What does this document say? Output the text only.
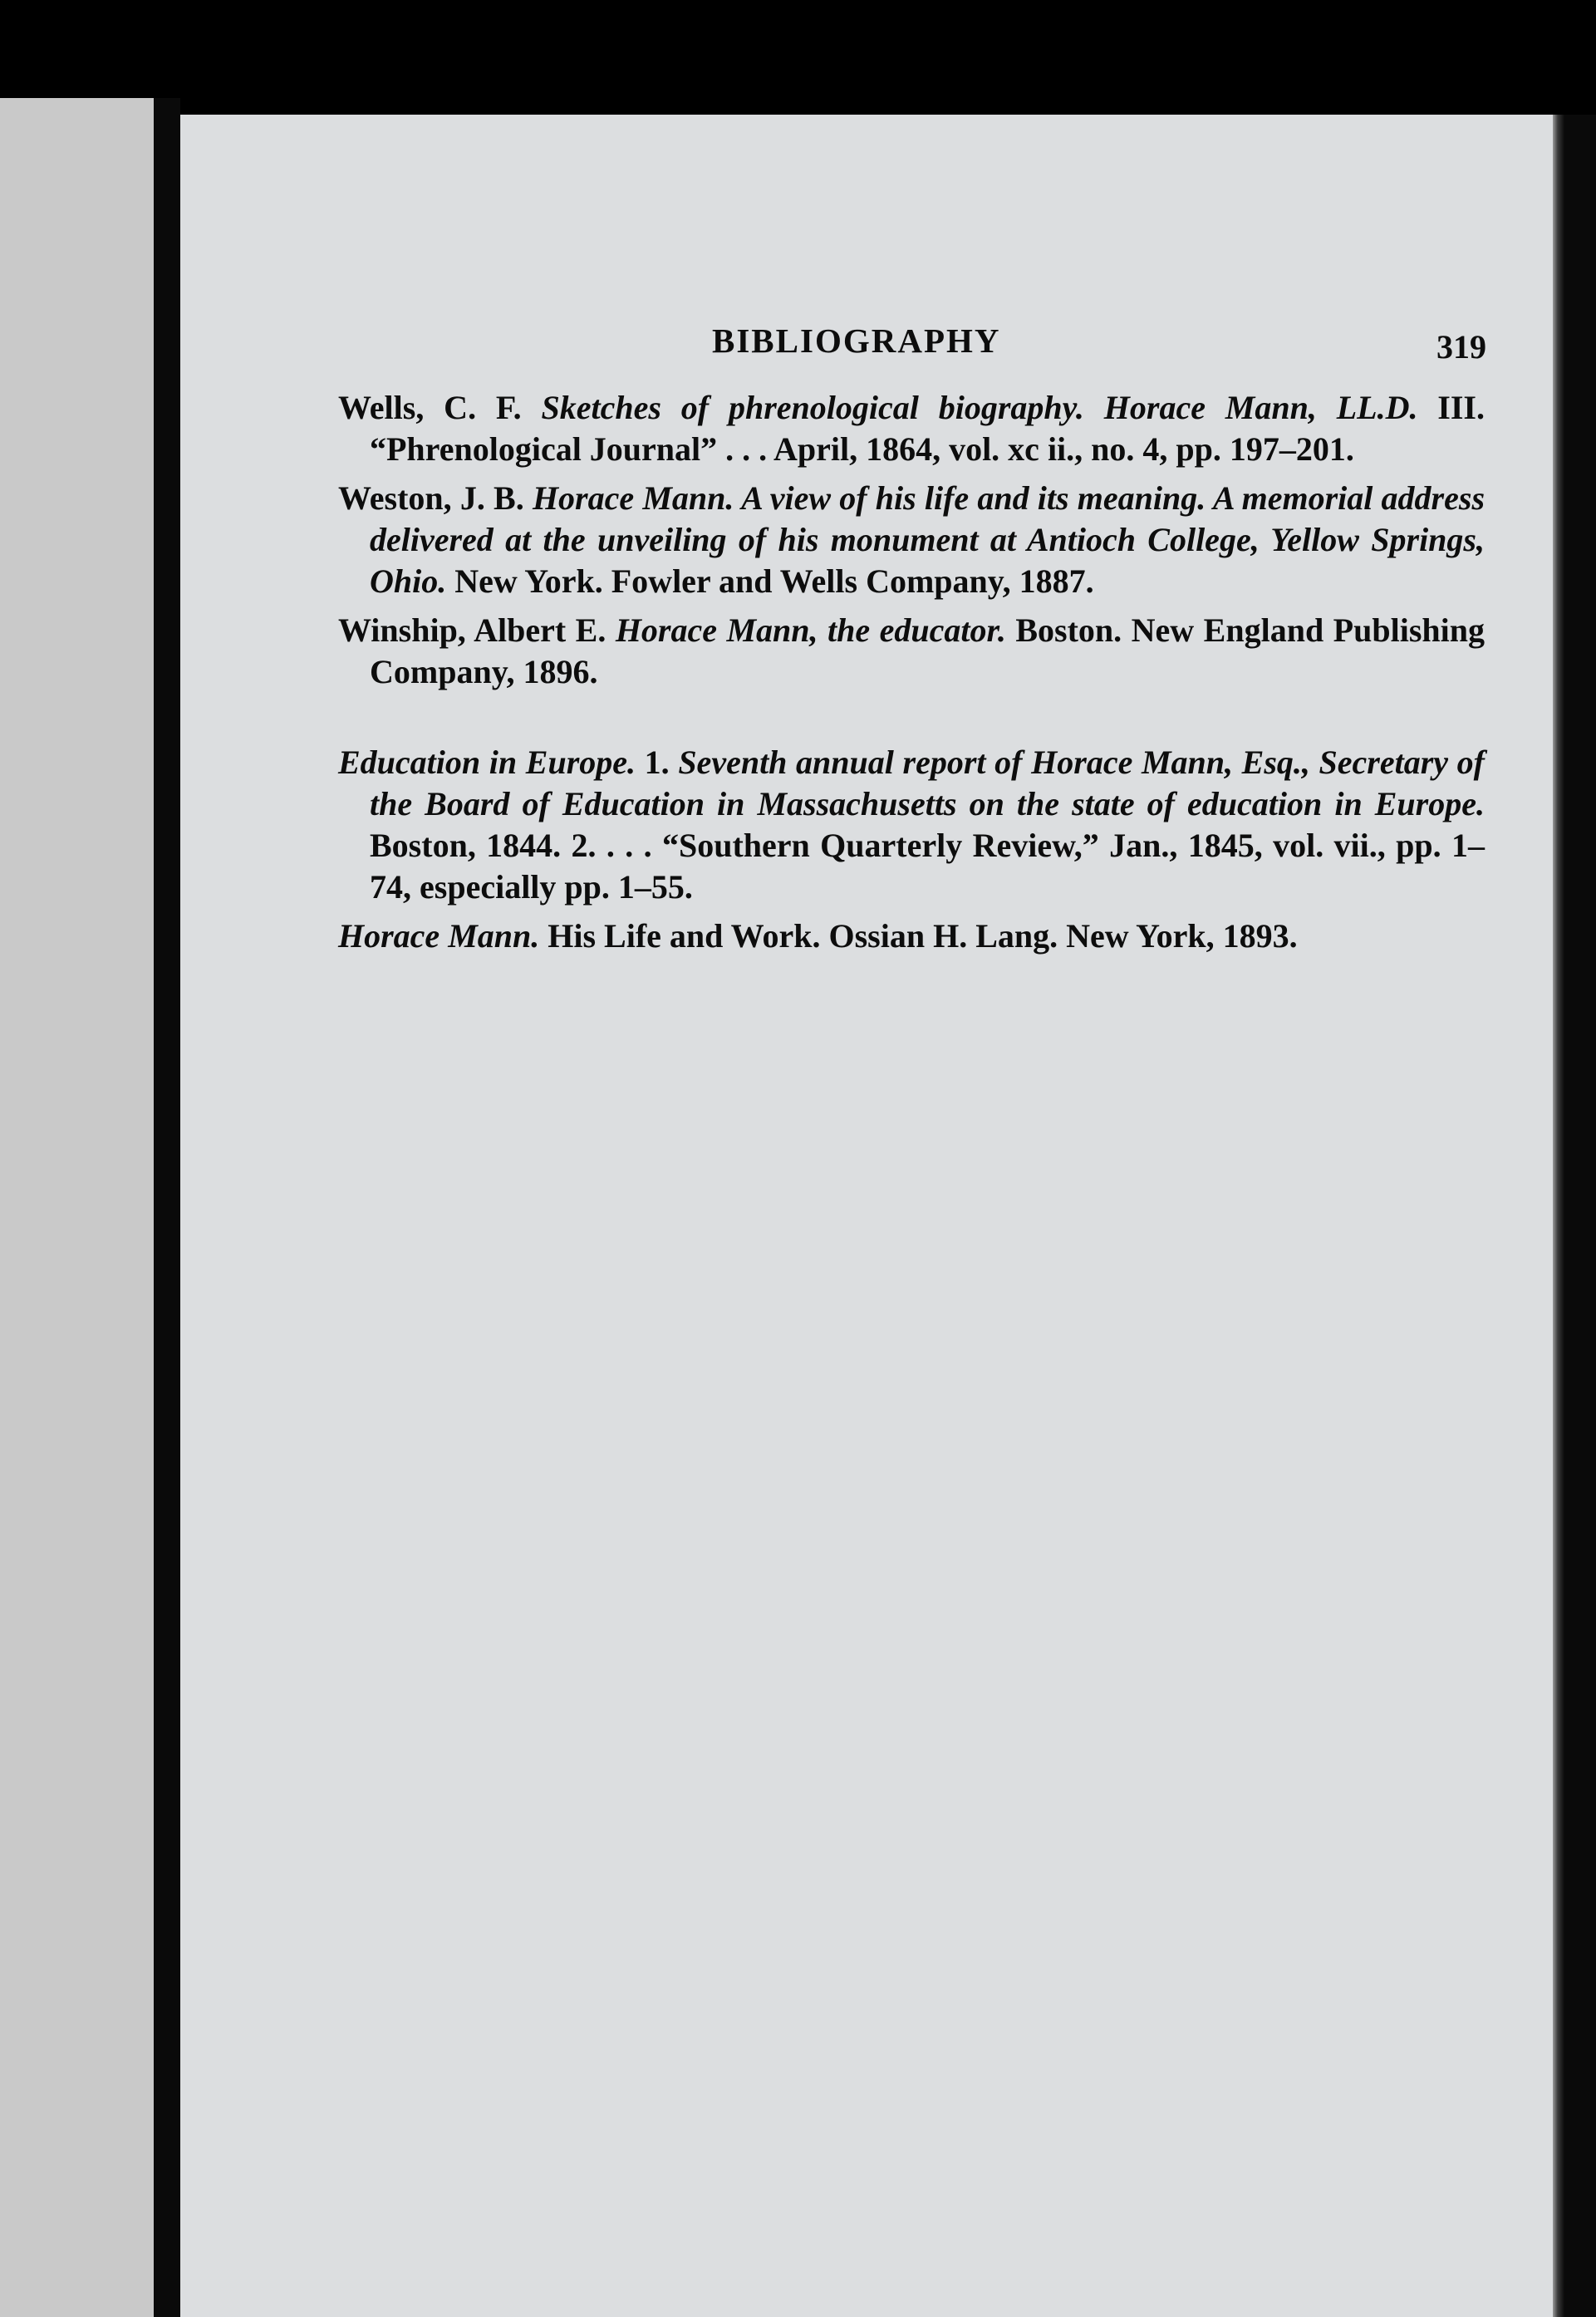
BIBLIOGRAPHY	319

Wells, C. F. Sketches of phrenological biography. Horace Mann, LL.D. III. “Phrenological Journal” . . . April, 1864, vol. xc ii., no. 4, pp. 197–201.

Weston, J. B. Horace Mann. A view of his life and its meaning. A memorial address delivered at the unveiling of his monument at Antioch College, Yellow Springs, Ohio. New York. Fowler and Wells Company, 1887.

Winship, Albert E. Horace Mann, the educator. Boston. New England Publishing Company, 1896.

Education in Europe. 1. Seventh annual report of Horace Mann, Esq., Secretary of the Board of Education in Massachusetts on the state of education in Europe. Boston, 1844. 2. . . . “Southern Quarterly Review,” Jan., 1845, vol. vii., pp. 1–74, especially pp. 1–55.

Horace Mann. His Life and Work. Ossian H. Lang. New York, 1893.
